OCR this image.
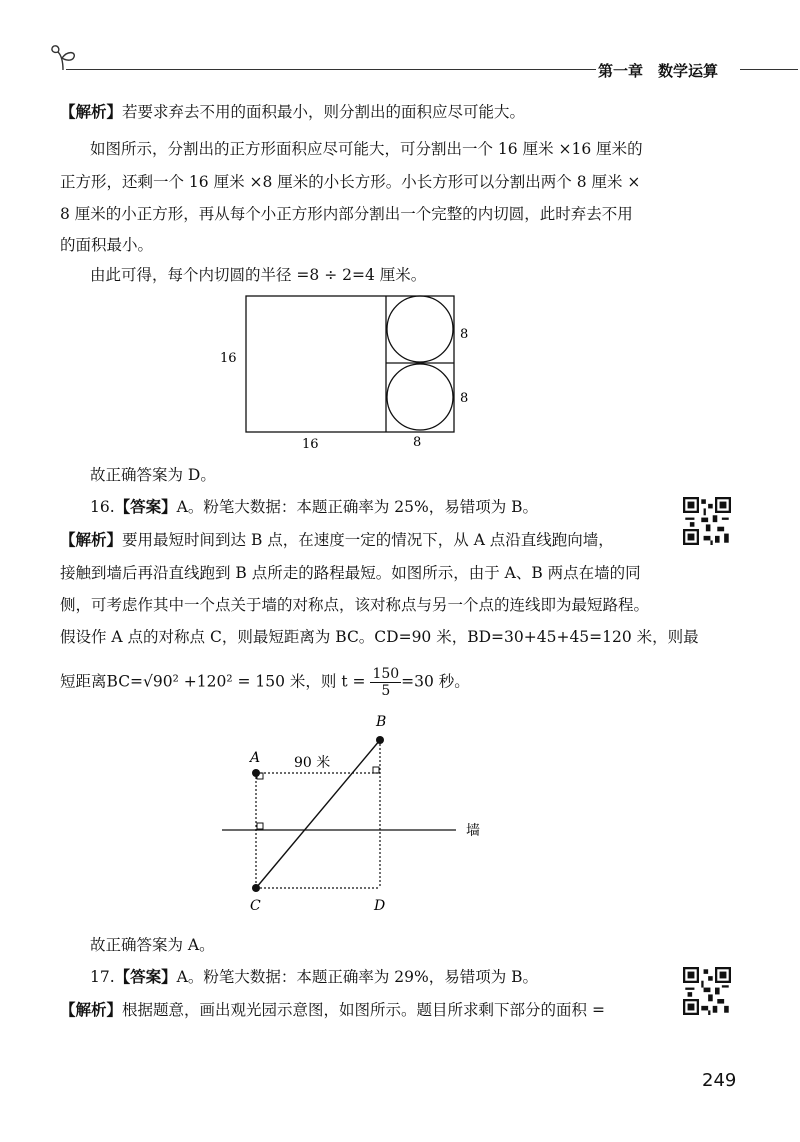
第一章　数学运算
【解析】若要求弃去不用的面积最小，则分割出的面积应尽可能大。
如图所示，分割出的正方形面积应尽可能大，可分割出一个 16 厘米 ×16 厘米的
正方形，还剩一个 16 厘米 ×8 厘米的小长方形。小长方形可以分割出两个 8 厘米 ×
8 厘米的小正方形，再从每个小正方形内部分割出一个完整的内切圆，此时弃去不用
的面积最小。
由此可得，每个内切圆的半径 =8 ÷ 2=4 厘米。
16
16	8
8
8
故正确答案为 D。
16.【答案】A。粉笔大数据：本题正确率为 25%，易错项为 B。
【解析】要用最短时间到达 B 点，在速度一定的情况下，从 A 点沿直线跑向墙，
接触到墙后再沿直线跑到 B 点所走的路程最短。如图所示，由于 A、B 两点在墙的同
侧，可考虑作其中一个点关于墙的对称点，该对称点与另一个点的连线即为最短路程。
假设作 A 点的对称点 C，则最短距离为 BC。CD=90 米，BD=30+45+45=120 米，则最
短距离BC=√90² +120² = 150 米，则 $t = \frac{150}{5} =30$ 秒。
A
B
C	D
90 米
墙
故正确答案为 A。
17.【答案】A。粉笔大数据：本题正确率为 29%，易错项为 B。
【解析】根据题意，画出观光园示意图，如图所示。题目所求剩下部分的面积 =
249
